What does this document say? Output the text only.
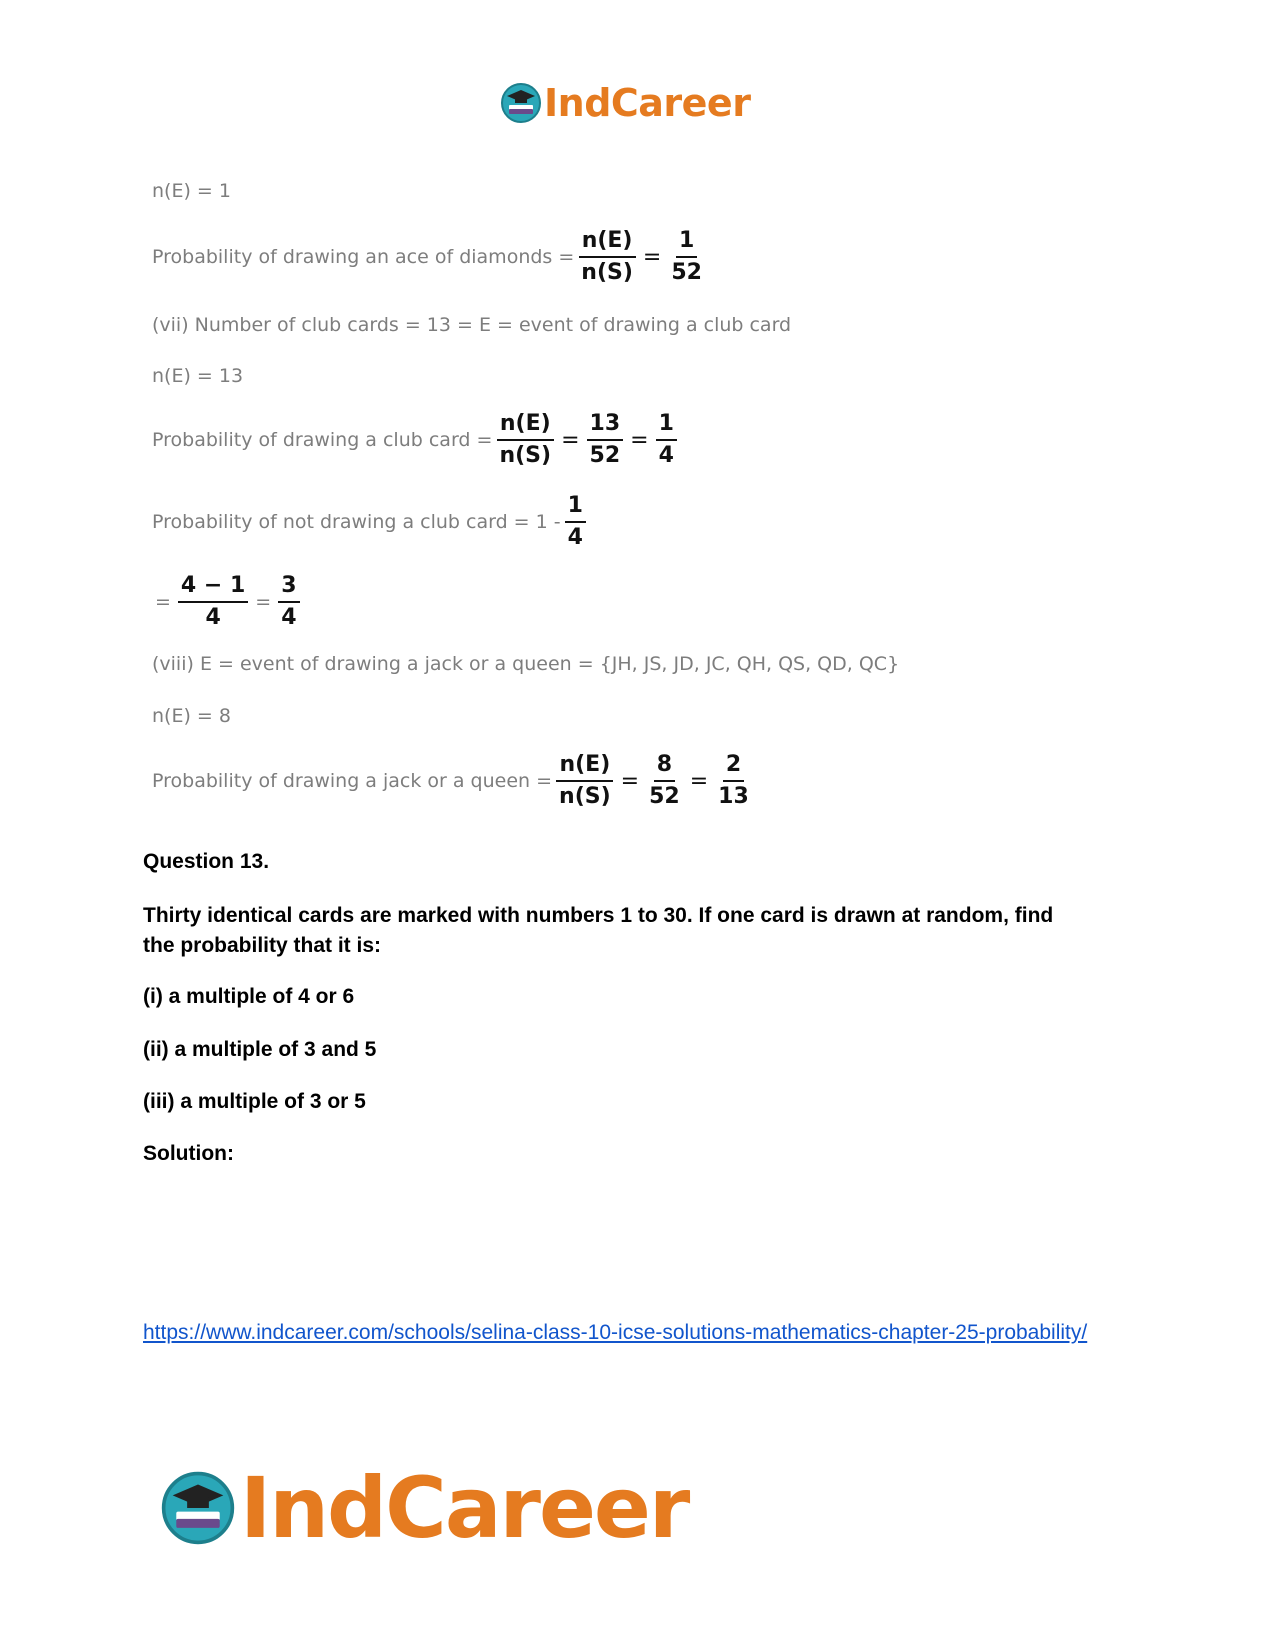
IndCareer
n(E) = 1
Probability of drawing an ace of diamonds = $\frac{n(E)}{n(S)} = \frac{1}{52}$
(vii) Number of club cards = 13 = E = event of drawing a club card
n(E) = 13
Probability of drawing a club card = $\frac{n(E)}{n(S)} = \frac{13}{52} = \frac{1}{4}$
Probability of not drawing a club card = $1 - \frac{1}{4}$
= $\frac{4 - 1}{4} = \frac{3}{4}$
(viii) E = event of drawing a jack or a queen = {JH, JS, JD, JC, QH, QS, QD, QC}
n(E) = 8
Probability of drawing a jack or a queen = $\frac{n(E)}{n(S)} = \frac{8}{52} = \frac{2}{13}$
Question 13.
Thirty identical cards are marked with numbers 1 to 30. If one card is drawn at random, find the probability that it is:
(i) a multiple of 4 or 6
(ii) a multiple of 3 and 5
(iii) a multiple of 3 or 5
Solution:
https://www.indcareer.com/schools/selina-class-10-icse-solutions-mathematics-chapter-25-probability/
IndCareer
